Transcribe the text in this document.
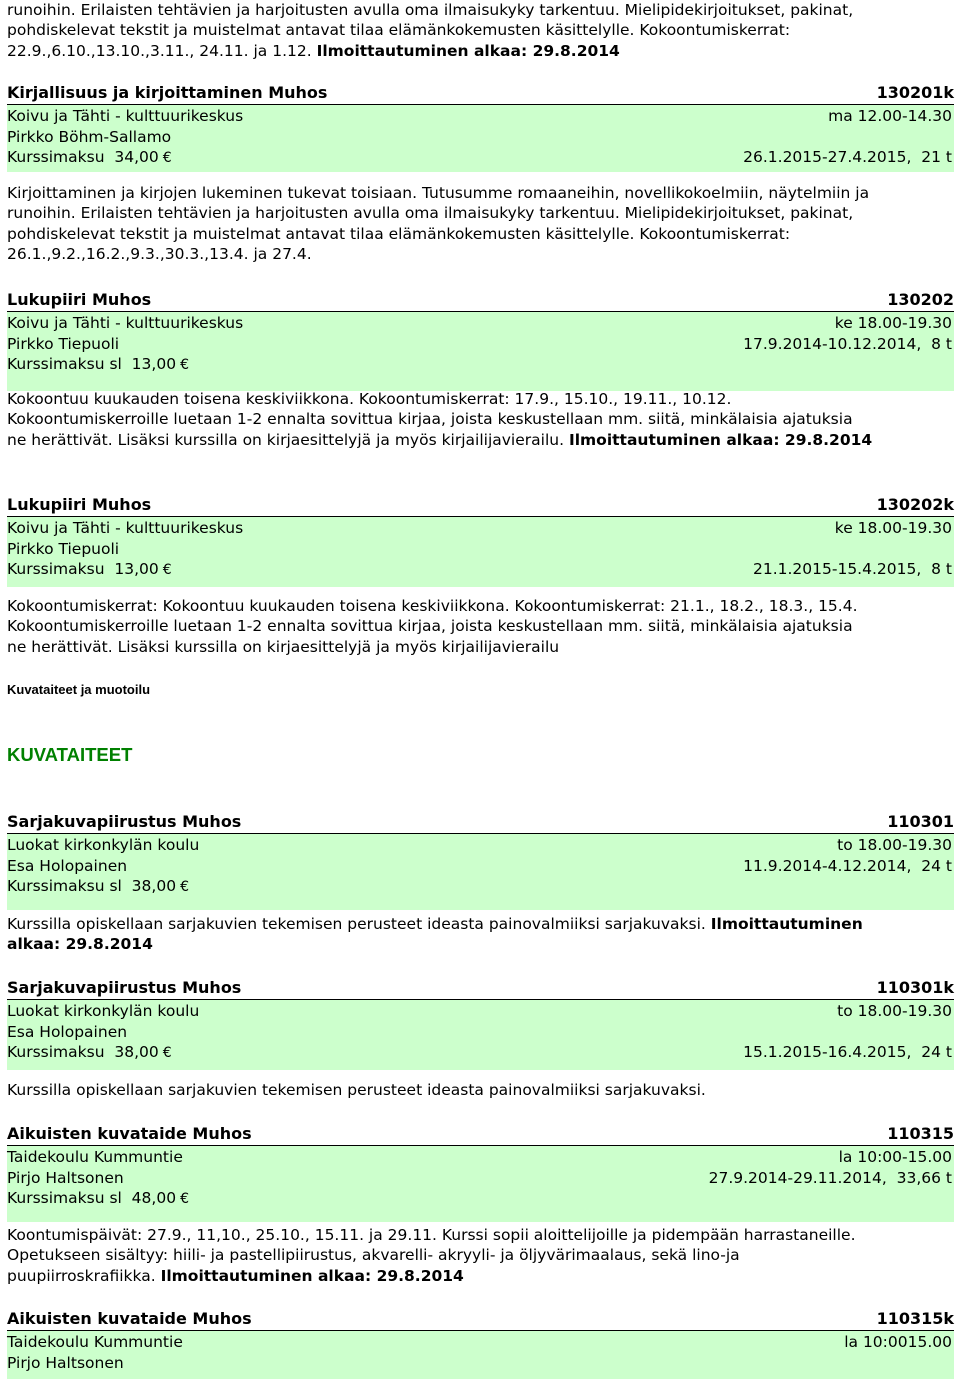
runoihin. Erilaisten tehtävien ja harjoitusten avulla oma ilmaisukyky tarkentuu. Mielipidekirjoitukset, pakinat,

pohdiskelevat tekstit ja muistelmat antavat tilaa elämänkokemusten käsittelylle. Kokoontumiskerrat:

22.9.,6.10.,13.10.,3.11., 24.11. ja 1.12. Ilmoittautuminen alkaa: 29.8.2014

Kirjallisuus ja kirjoittaminen Muhos	130201k
Koivu ja Tähti - kulttuurikeskus	ma 12.00-14.30
Pirkko Böhm-Sallamo
Kurssimaksu  34,00 €	26.1.2015-27.4.2015,  21 t

Kirjoittaminen ja kirjojen lukeminen tukevat toisiaan. Tutusumme romaaneihin, novellikokoelmiin, näytelmiin ja

runoihin. Erilaisten tehtävien ja harjoitusten avulla oma ilmaisukyky tarkentuu. Mielipidekirjoitukset, pakinat,

pohdiskelevat tekstit ja muistelmat antavat tilaa elämänkokemusten käsittelylle. Kokoontumiskerrat:

26.1.,9.2.,16.2.,9.3.,30.3.,13.4. ja 27.4.

Lukupiiri Muhos	130202
Koivu ja Tähti - kulttuurikeskus	ke 18.00-19.30
Pirkko Tiepuoli	17.9.2014-10.12.2014,  8 t
Kurssimaksu sl  13,00 €

Kokoontuu kuukauden toisena keskiviikkona. Kokoontumiskerrat: 17.9., 15.10., 19.11., 10.12.

Kokoontumiskerroille luetaan 1-2 ennalta sovittua kirjaa, joista keskustellaan mm. siitä, minkälaisia ajatuksia

ne herättivät. Lisäksi kurssilla on kirjaesittelyjä ja myös kirjailijavierailu. Ilmoittautuminen alkaa: 29.8.2014

Lukupiiri Muhos	130202k
Koivu ja Tähti - kulttuurikeskus	ke 18.00-19.30
Pirkko Tiepuoli
Kurssimaksu  13,00 €	21.1.2015-15.4.2015,  8 t

Kokoontumiskerrat: Kokoontuu kuukauden toisena keskiviikkona. Kokoontumiskerrat: 21.1., 18.2., 18.3., 15.4.

Kokoontumiskerroille luetaan 1-2 ennalta sovittua kirjaa, joista keskustellaan mm. siitä, minkälaisia ajatuksia

ne herättivät. Lisäksi kurssilla on kirjaesittelyjä ja myös kirjailijavierailu

Kuvataiteet ja muotoilu
KUVATAITEET
Sarjakuvapiirustus Muhos	110301
Luokat kirkonkylän koulu	to 18.00-19.30
Esa Holopainen	11.9.2014-4.12.2014,  24 t
Kurssimaksu sl  38,00 €

Kurssilla opiskellaan sarjakuvien tekemisen perusteet ideasta painovalmiiksi sarjakuvaksi. Ilmoittautuminen

alkaa: 29.8.2014

Sarjakuvapiirustus Muhos	110301k
Luokat kirkonkylän koulu	to 18.00-19.30
Esa Holopainen
Kurssimaksu  38,00 €	15.1.2015-16.4.2015,  24 t

Kurssilla opiskellaan sarjakuvien tekemisen perusteet ideasta painovalmiiksi sarjakuvaksi.

Aikuisten kuvataide Muhos	110315
Taidekoulu Kummuntie	la 10:00-15.00
Pirjo Haltsonen	27.9.2014-29.11.2014,  33,66 t
Kurssimaksu sl  48,00 €

Koontumispäivät: 27.9., 11,10., 25.10., 15.11. ja 29.11. Kurssi sopii aloittelijoille ja pidempään harrastaneille.

Opetukseen sisältyy: hiili- ja pastellipiirustus, akvarelli- akryyli- ja öljyvärimaalaus, sekä lino-ja

puupiirroskrafiikka. Ilmoittautuminen alkaa: 29.8.2014

Aikuisten kuvataide Muhos	110315k
Taidekoulu Kummuntie	la 10:0015.00
Pirjo Haltsonen
